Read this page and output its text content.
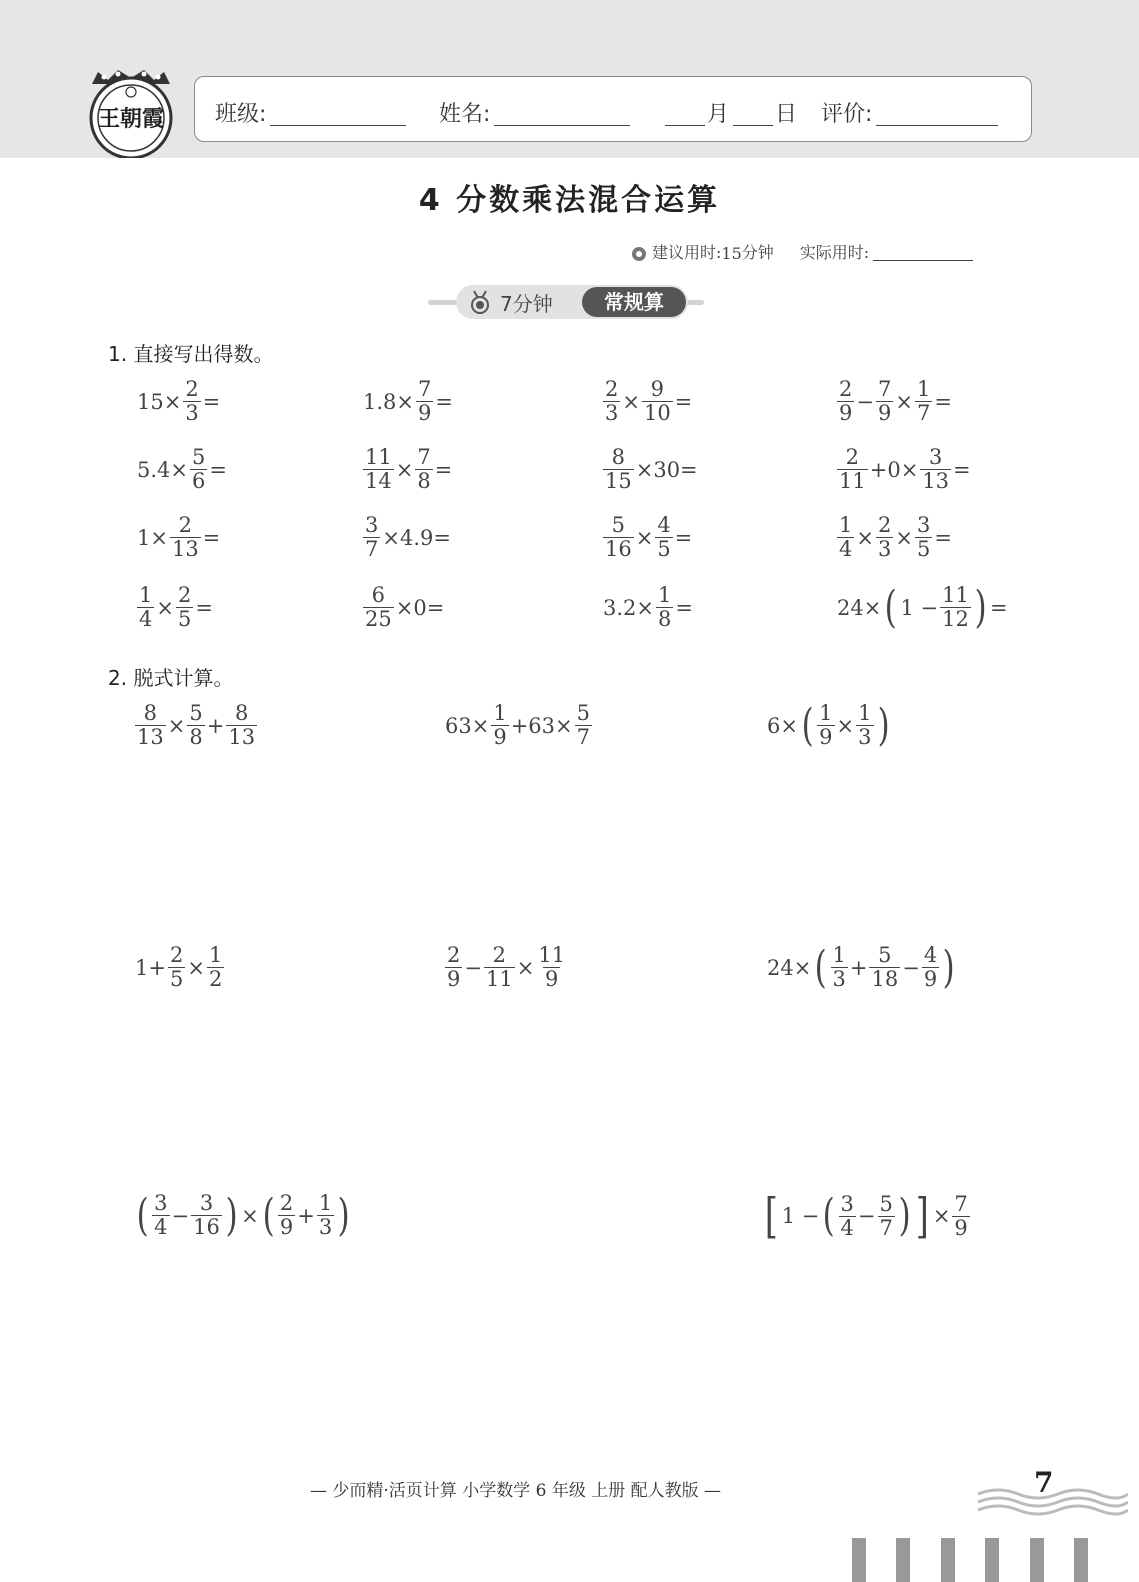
王朝霞 班级:	姓名:	月 日 评价:
4 分数乘法混合运算
建议用时: 15 分钟 实际用时:
7分钟	常规算
1. 直接写出得数。
$15\times \frac{2}{3}$ =	$1.8\times \frac{7}{9}$ =	$\frac{2}{3} \times \frac{9}{10}$ =	$\frac{2}{9} - \frac{7}{9} \times \frac{1}{7}$ =
$5.4\times \frac{5}{6}$ =	$\frac{11}{14} \times \frac{7}{8}$ =	$\frac{8}{15} \times 30=$	$\frac{2}{11} +0\times \frac{3}{13}$ =
$1\times \frac{2}{13}$ =	$\frac{3}{7} \times 4.9=$	$\frac{5}{16} \times \frac{4}{5}$ =	$\frac{1}{4} \times \frac{2}{3} \times \frac{3}{5}$ =
$\frac{1}{4} \times \frac{2}{5}$ =	$\frac{6}{25} \times 0=$	$3.2\times \frac{1}{8}$ =	24× ( $1 - \frac{11}{12}$ ) =
2. 脱式计算。
$\frac{8}{13} \times \frac{5}{8} + \frac{8}{13}$	$63\times \frac{1}{9} +63\times \frac{5}{7}$	6× ( $\frac{1}{9} \times \frac{1}{3}$ )
$1+ \frac{2}{5} \times \frac{1}{2}$	$\frac{2}{9} - \frac{2}{11} \times \frac{11}{9}$	24× ( $\frac{1}{3} + \frac{5}{18} - \frac{4}{9}$ )
( $\frac{3}{4} - \frac{3}{16}$ ) × ( $\frac{2}{9} + \frac{1}{3}$ )	[ 1 − ( $\frac{3}{4} - \frac{5}{7}$ ) ] × $\frac{7}{9}$
— 少而精·活页计算 小学数学 6 年级 上册 配人教版 —	7
